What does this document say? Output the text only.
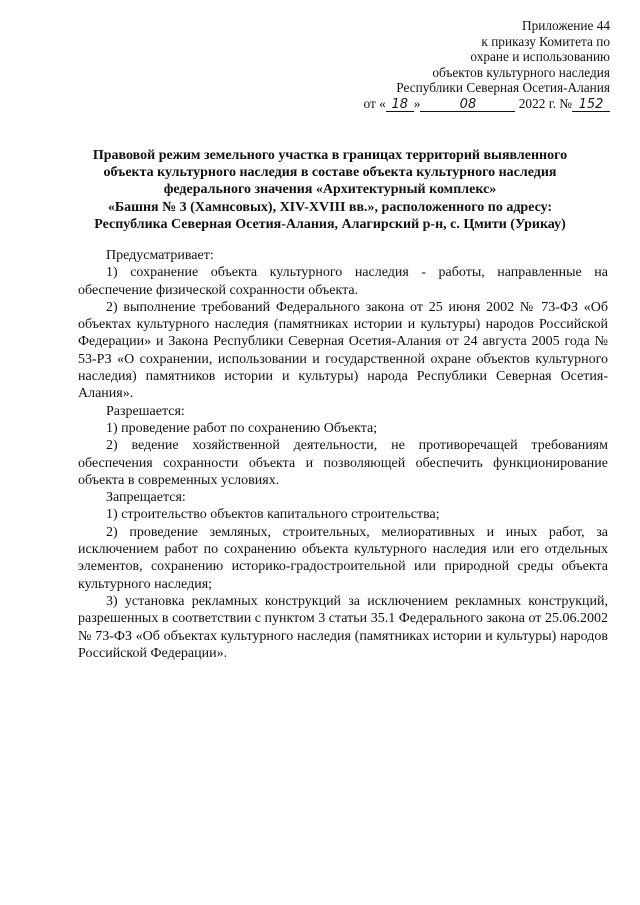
Приложение 44
к приказу Комитета по
охране и использованию
объектов культурного наследия
Республики Северная Осетия-Алания
от « 18 »	08	2022 г. № 152
Правовой режим земельного участка в границах территорий выявленного
объекта культурного наследия в составе объекта культурного наследия
федерального значения «Архитектурный комплекс»
«Башня № 3 (Хамнсовых), XIV-XVIII вв.», расположенного по адресу:
Республика Северная Осетия-Алания, Алагирский р-н, с. Цмити (Урикау)

Предусматривает:

1) сохранение объекта культурного наследия - работы, направленные на обеспечение физической сохранности объекта.

2) выполнение требований Федерального закона от 25 июня 2002 № 73-ФЗ «Об объектах культурного наследия (памятниках истории и культуры) народов Российской Федерации» и Закона Республики Северная Осетия-Алания от 24 августа 2005 года № 53-РЗ «О сохранении, использовании и государственной охране объектов культурного наследия) памятников истории и культуры) народа Республики Северная Осетия-Алания».

Разрешается:

1) проведение работ по сохранению Объекта;

2) ведение хозяйственной деятельности, не противоречащей требованиям обеспечения сохранности объекта и позволяющей обеспечить функционирование объекта в современных условиях.

Запрещается:

1) строительство объектов капитального строительства;

2) проведение земляных, строительных, мелиоративных и иных работ, за исключением работ по сохранению объекта культурного наследия или его отдельных элементов, сохранению историко-градостроительной или природной среды объекта культурного наследия;

3) установка рекламных конструкций за исключением рекламных конструкций, разрешенных в соответствии с пунктом 3 статьи 35.1 Федерального закона от 25.06.2002 № 73-ФЗ «Об объектах культурного наследия (памятниках истории и культуры) народов Российской Федерации».
